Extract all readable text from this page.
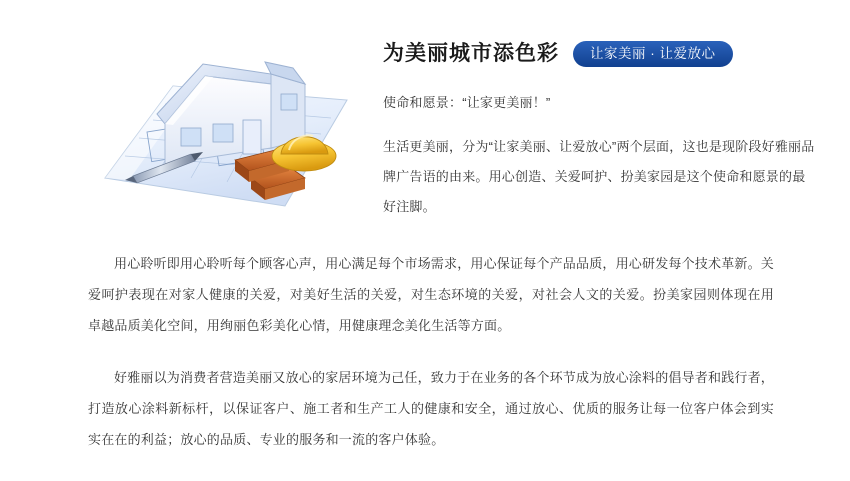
为美丽城市添色彩	让家美丽 · 让爱放心
使命和愿景：“让家更美丽！”
生活更美丽，分为“让家美丽、让爱放心”两个层面，这也是现阶段好雅丽品牌广告语的由来。用心创造、关爱呵护、扮美家园是这个使命和愿景的最好注脚。
用心聆听即用心聆听每个顾客心声，用心满足每个市场需求，用心保证每个产品品质，用心研发每个技术革新。关爱呵护表现在对家人健康的关爱，对美好生活的关爱，对生态环境的关爱，对社会人文的关爱。扮美家园则体现在用卓越品质美化空间，用绚丽色彩美化心情，用健康理念美化生活等方面。
好雅丽以为消费者营造美丽又放心的家居环境为己任，致力于在业务的各个环节成为放心涂料的倡导者和践行者，打造放心涂料新标杆，以保证客户、施工者和生产工人的健康和安全，通过放心、优质的服务让每一位客户体会到实实在在的利益；放心的品质、专业的服务和一流的客户体验。
